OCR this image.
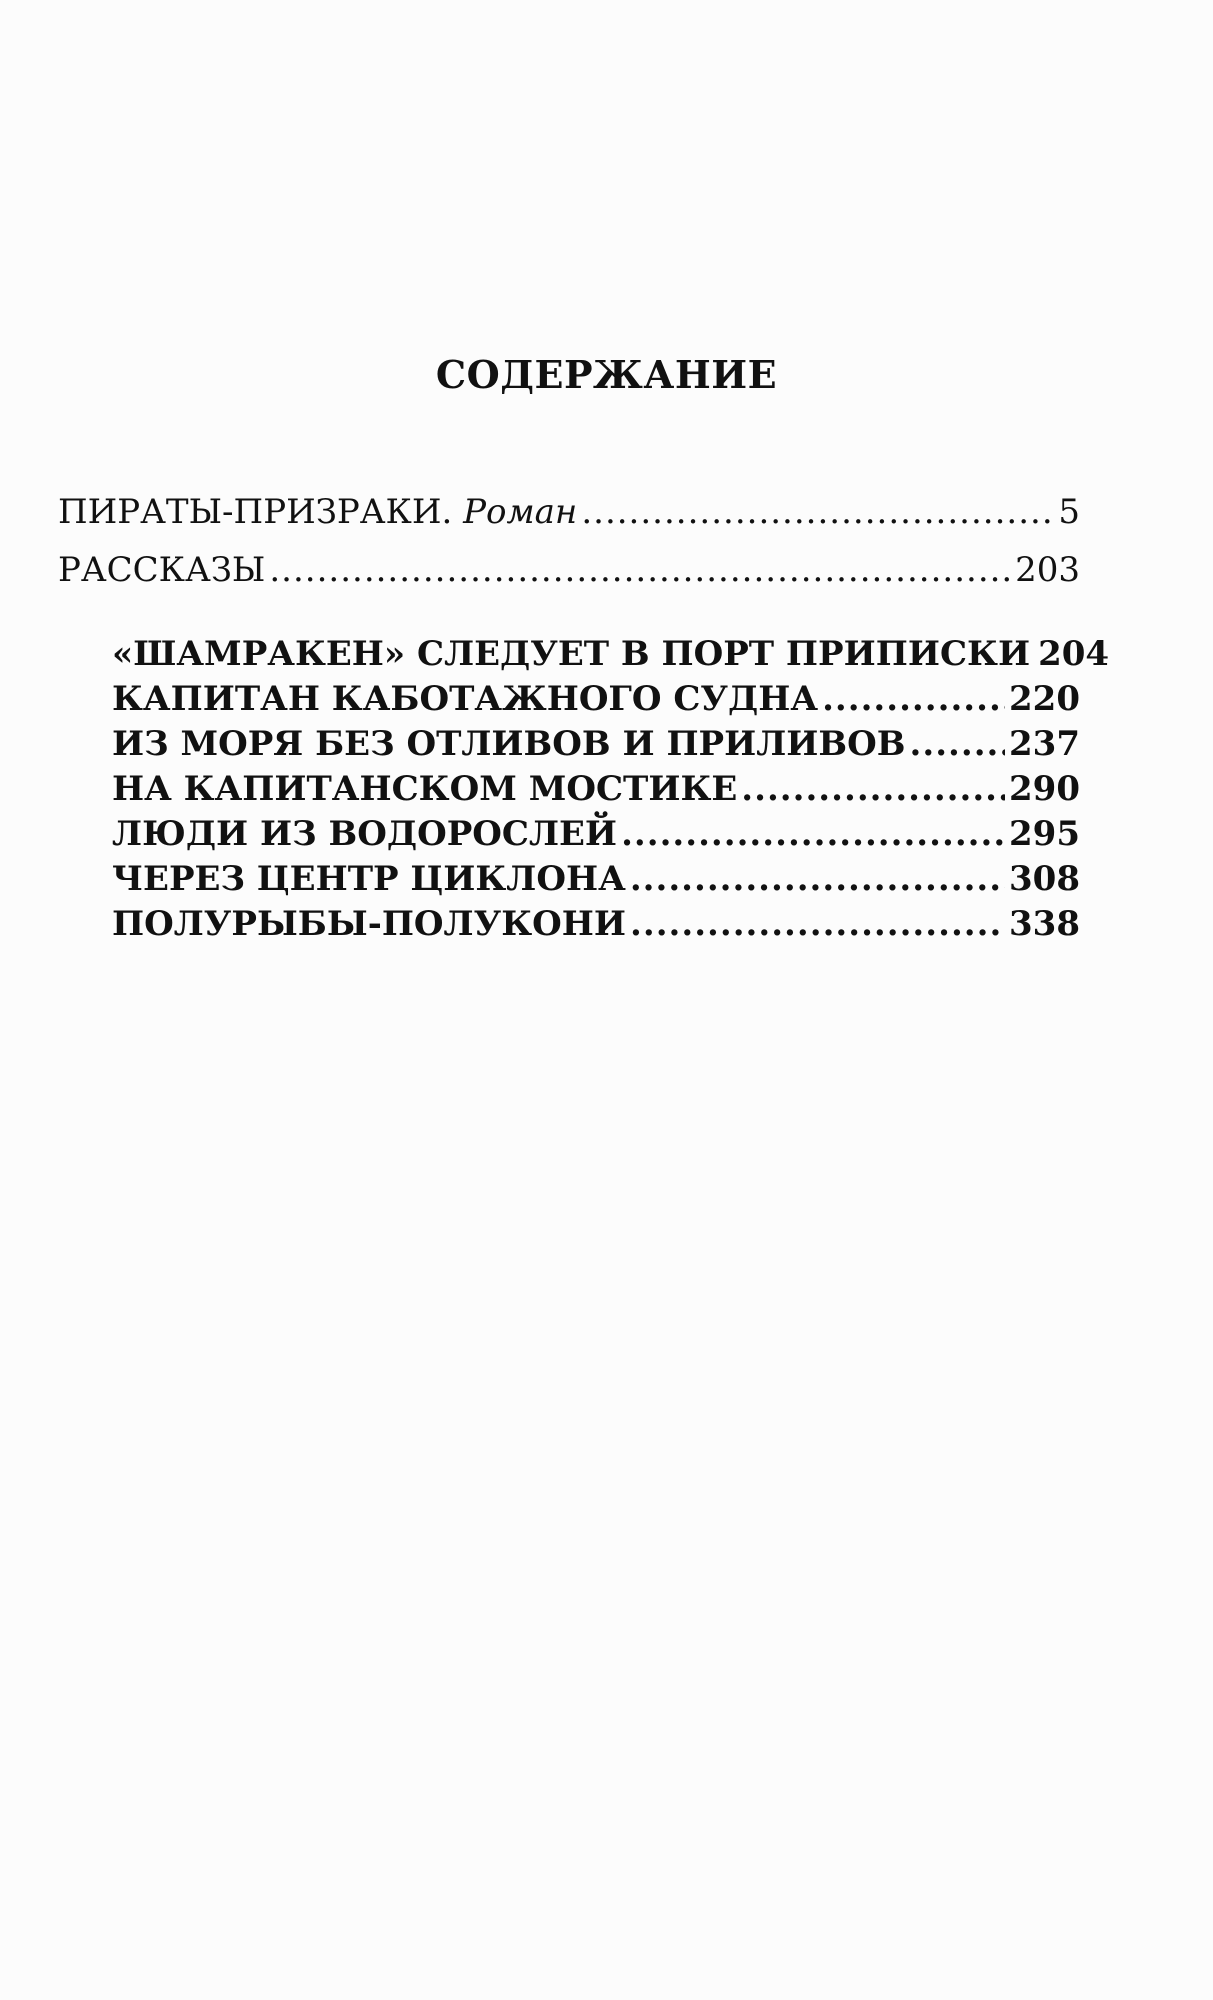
СОДЕРЖАНИЕ
ПИРАТЫ-ПРИЗРАКИ. Роман .....	5
РАССКАЗЫ .....	203
«ШАМРАКЕН» СЛЕДУЕТ В ПОРТ ПРИПИСКИ 204
КАПИТАН КАБОТАЖНОГО СУДНА .....	220
ИЗ МОРЯ БЕЗ ОТЛИВОВ И ПРИЛИВОВ .....	237
НА КАПИТАНСКОМ МОСТИКЕ .....	290
ЛЮДИ ИЗ ВОДОРОСЛЕЙ .....	295
ЧЕРЕЗ ЦЕНТР ЦИКЛОНА .....	308
ПОЛУРЫБЫ-ПОЛУКОНИ .....	338
